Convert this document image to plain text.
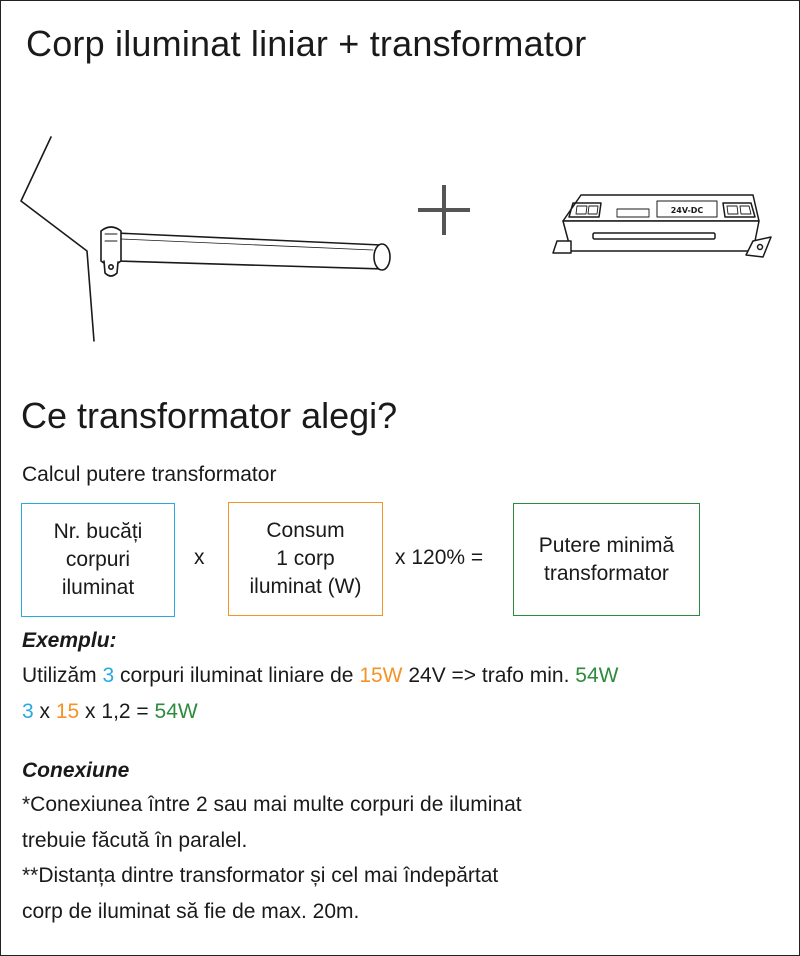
Corp iluminat liniar + transformator
24V-DC
Ce transformator alegi?
Calcul putere transformator
Nr. bucăți
corpuri
iluminat
x
Consum
1 corp
iluminat (W)
x 120% =
Putere minimă
transformator
Exemplu:
Utilizăm 3 corpuri iluminat liniare de 15W 24V => trafo min. 54W
3 x 15 x 1,2 = 54W
Conexiune
*Conexiunea între 2 sau mai multe corpuri de iluminat
trebuie făcută în paralel.
**Distanța dintre transformator și cel mai îndepărtat
corp de iluminat să fie de max. 20m.
